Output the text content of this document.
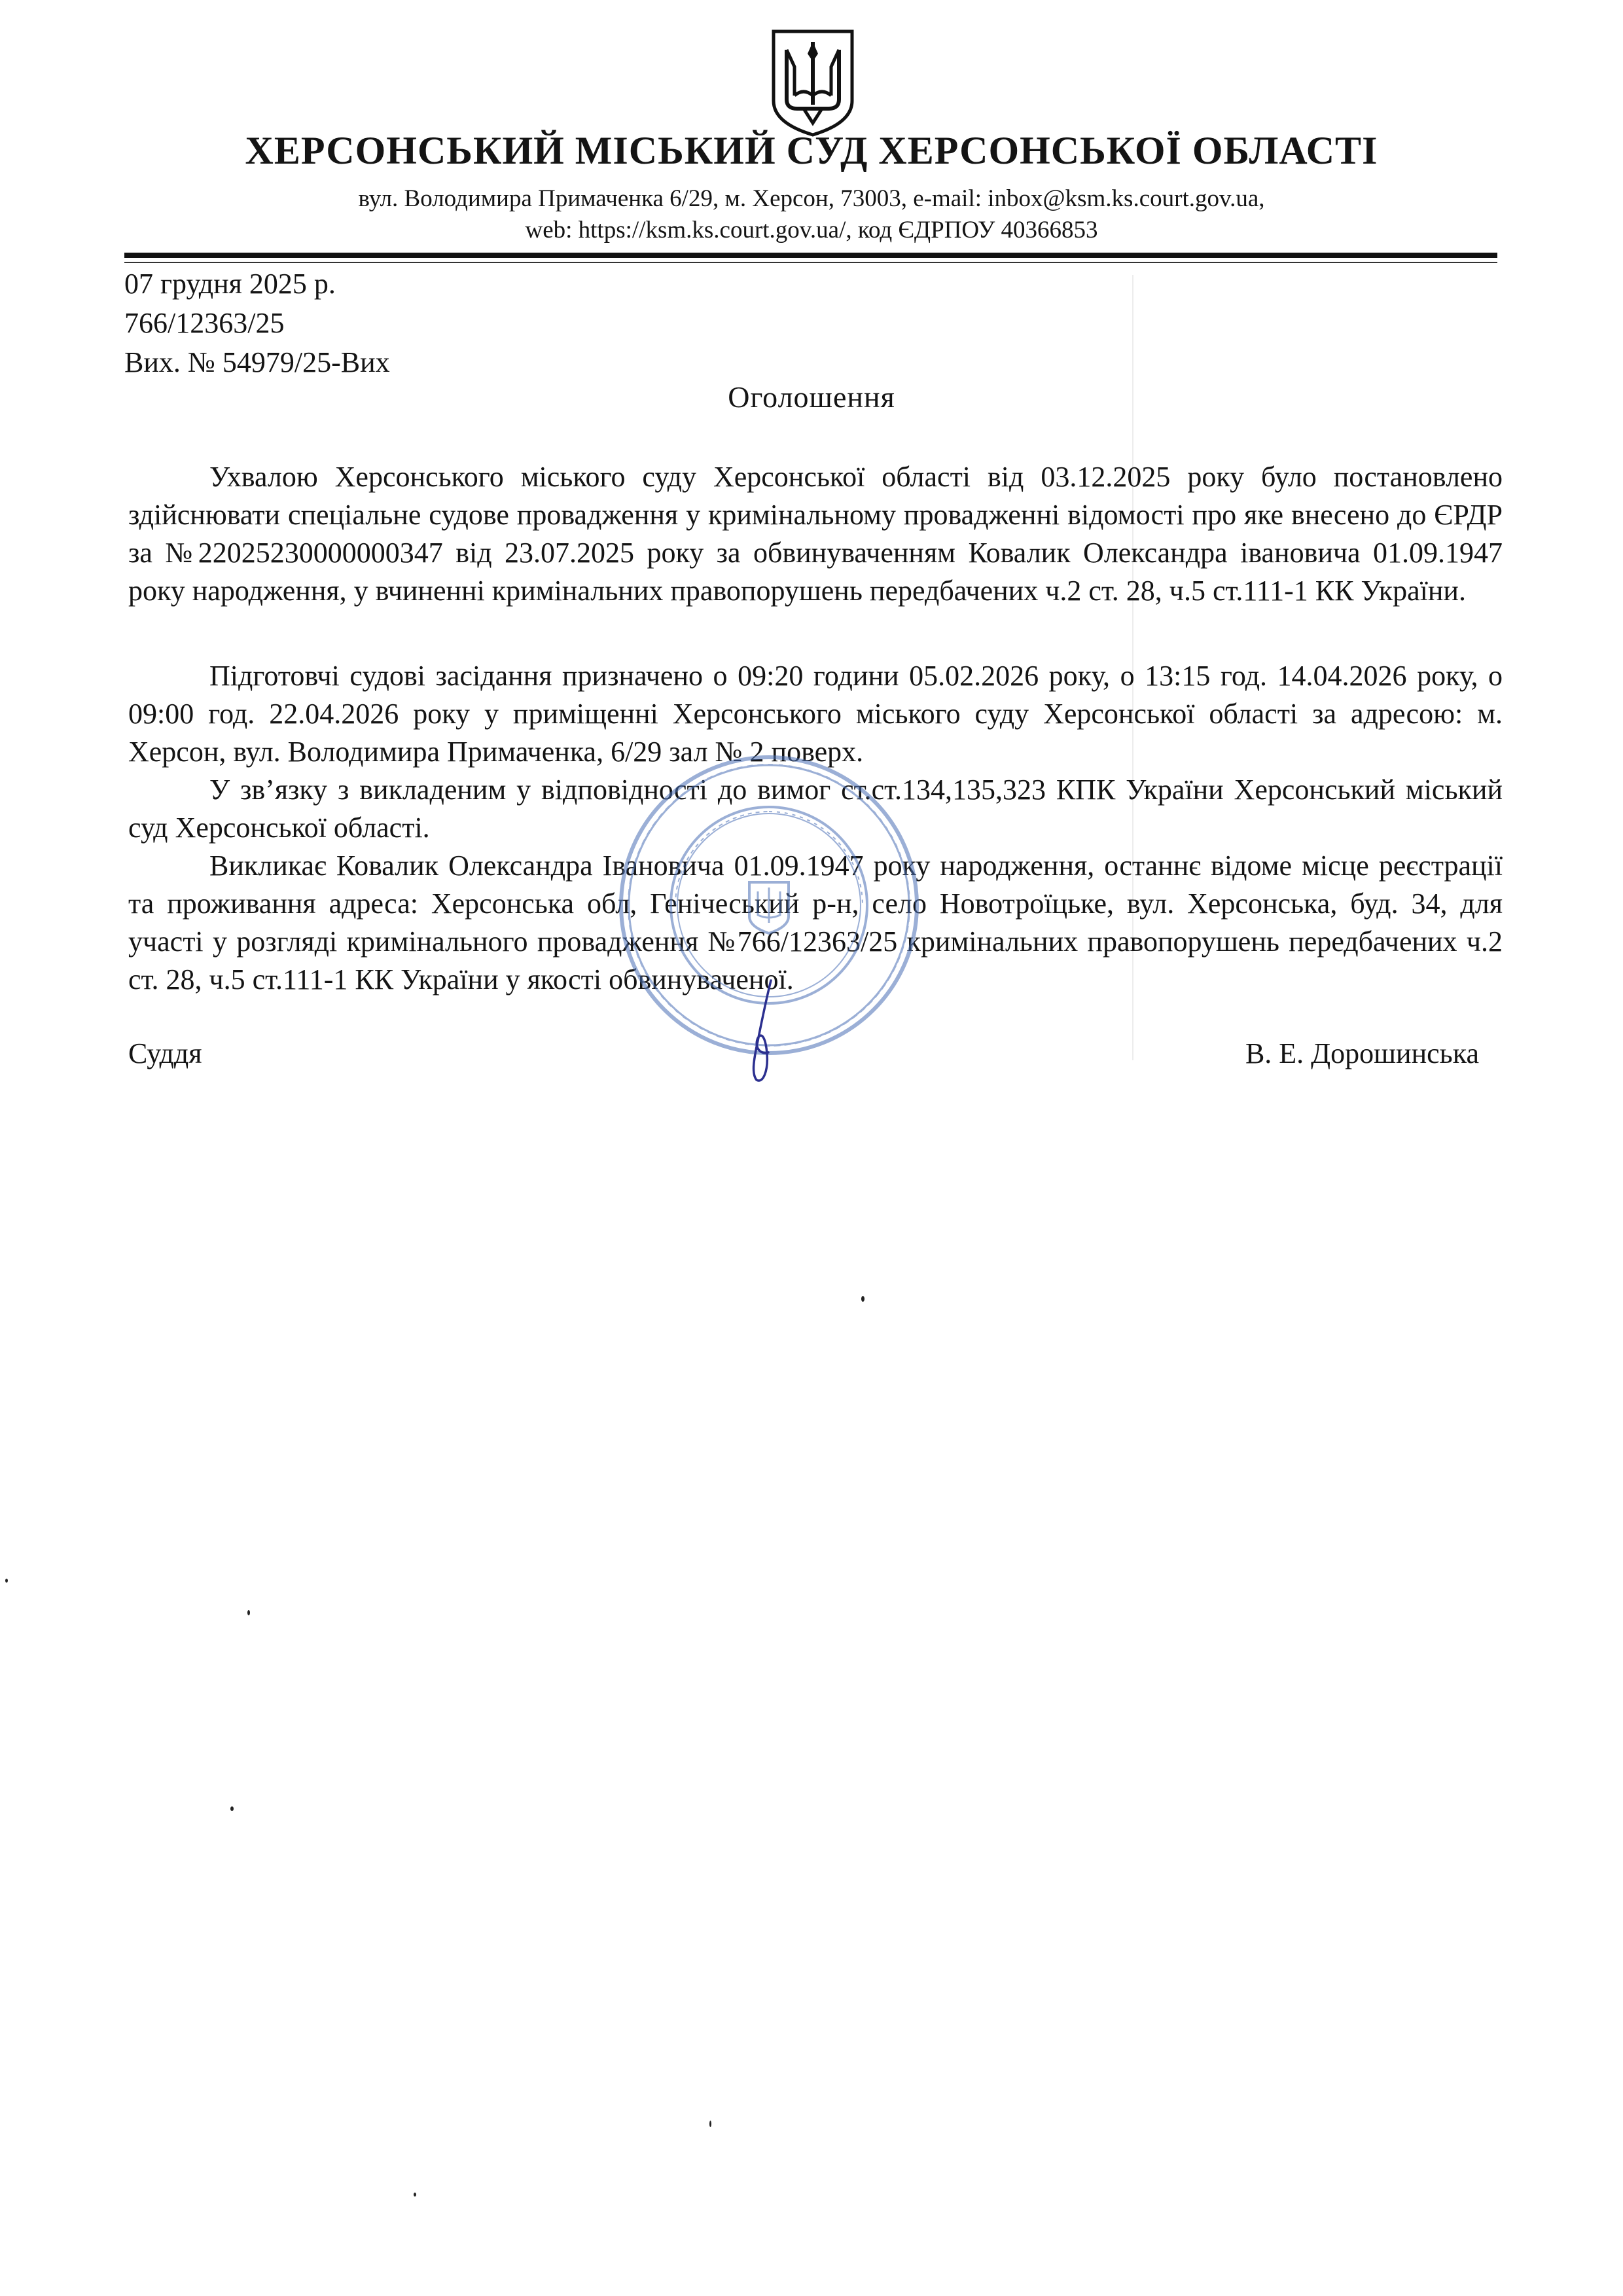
ХЕРСОНСЬКИЙ МІСЬКИЙ СУД ХЕРСОНСЬКОЇ ОБЛАСТІ
вул. Володимира Примаченка 6/29, м. Херсон, 73003, e-mail: inbox@ksm.ks.court.gov.ua,
web: https://ksm.ks.court.gov.ua/, код ЄДРПОУ 40366853
07 грудня 2025 р.
766/12363/25
Вих. № 54979/25-Вих
Оголошення

Ухвалою Херсонського міського суду Херсонської області від 03.12.2025 року було постановлено здійснювати спеціальне судове провадження у кримінальному провадженні відомості про яке внесено до ЄРДР за №22025230000000347 від 23.07.2025 року за обвинуваченням Ковалик Олександра івановича 01.09.1947 року народження, у вчиненні кримінальних правопорушень передбачених ч.2 ст. 28, ч.5 ст.111-1 КК України.

Підготовчі судові засідання призначено о 09:20 години 05.02.2026 року, о 13:15 год. 14.04.2026 року, о 09:00 год. 22.04.2026 року у приміщенні Херсонського міського суду Херсонської області за адресою: м. Херсон, вул. Володимира Примаченка, 6/29 зал № 2 поверх.

У зв’язку з викладеним у відповідності до вимог ст.ст.134,135,323 КПК України Херсонський міський суд Херсонської області.

Викликає Ковалик Олександра Івановича 01.09.1947 року народження, останнє відоме місце реєстрації та проживання адреса: Херсонська обл, Генічеський р-н, село Новотроїцьке, вул. Херсонська, буд. 34, для участі у розгляді кримінального провадження №766/12363/25 кримінальних правопорушень передбачених ч.2 ст. 28, ч.5 ст.111-1 КК України у якості обвинуваченої.

Суддя	В. Е. Дорошинська
